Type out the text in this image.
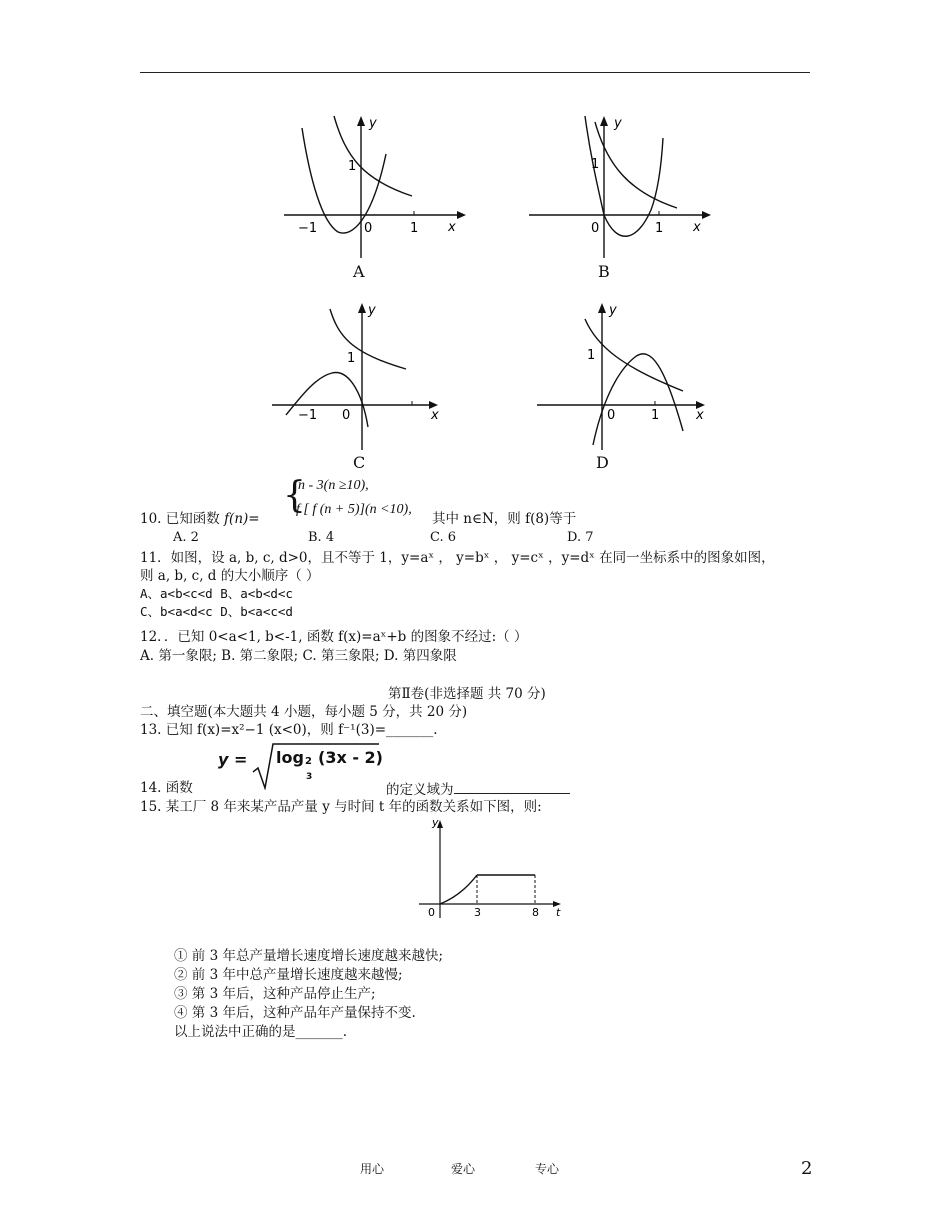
y
1
−1	0	1 x
A
y
1
0	1 x
B
y
1
−1 0	x
C
y
1
0	1	x
D
{
n - 3(n ≥10),
f [ f (n + 5)](n <10),
10. 已知函数 f(n)=	其中 n∈N，则 f(8)等于
A. 2	B. 4	C. 6	D. 7
11．如图，设 a, b, c, d>0，且不等于 1，y=aˣ ， y=bˣ ， y=cˣ ，y=dˣ 在同一坐标系中的图象如图，
则 a, b, c, d 的大小顺序（ ）
A、a<b<c<d B、a<b<d<c
C、b<a<d<c D、b<a<c<d
12．．已知 0<a<1, b<-1, 函数 f(x)=aˣ+b 的图象不经过:（ ）
A. 第一象限; B. 第二象限; C. 第三象限; D. 第四象限
第Ⅱ卷(非选择题 共 70 分)
二、填空题(本大题共 4 小题，每小题 5 分，共 20 分)
13. 已知 f(x)=x²−1 (x<0)，则 f⁻¹(3)=_______.
y = log 2
3
(3x - 2)
14. 函数	的定义域为
15. 某工厂 8 年来某产品产量 y 与时间 t 年的函数关系如下图，则:
y
0	3	8 t
① 前 3 年总产量增长速度增长速度越来越快;
② 前 3 年中总产量增长速度越来越慢;
③ 第 3 年后，这种产品停止生产;
④ 第 3 年后，这种产品年产量保持不变.
以上说法中正确的是_______.
用心	爱心	专心	2
